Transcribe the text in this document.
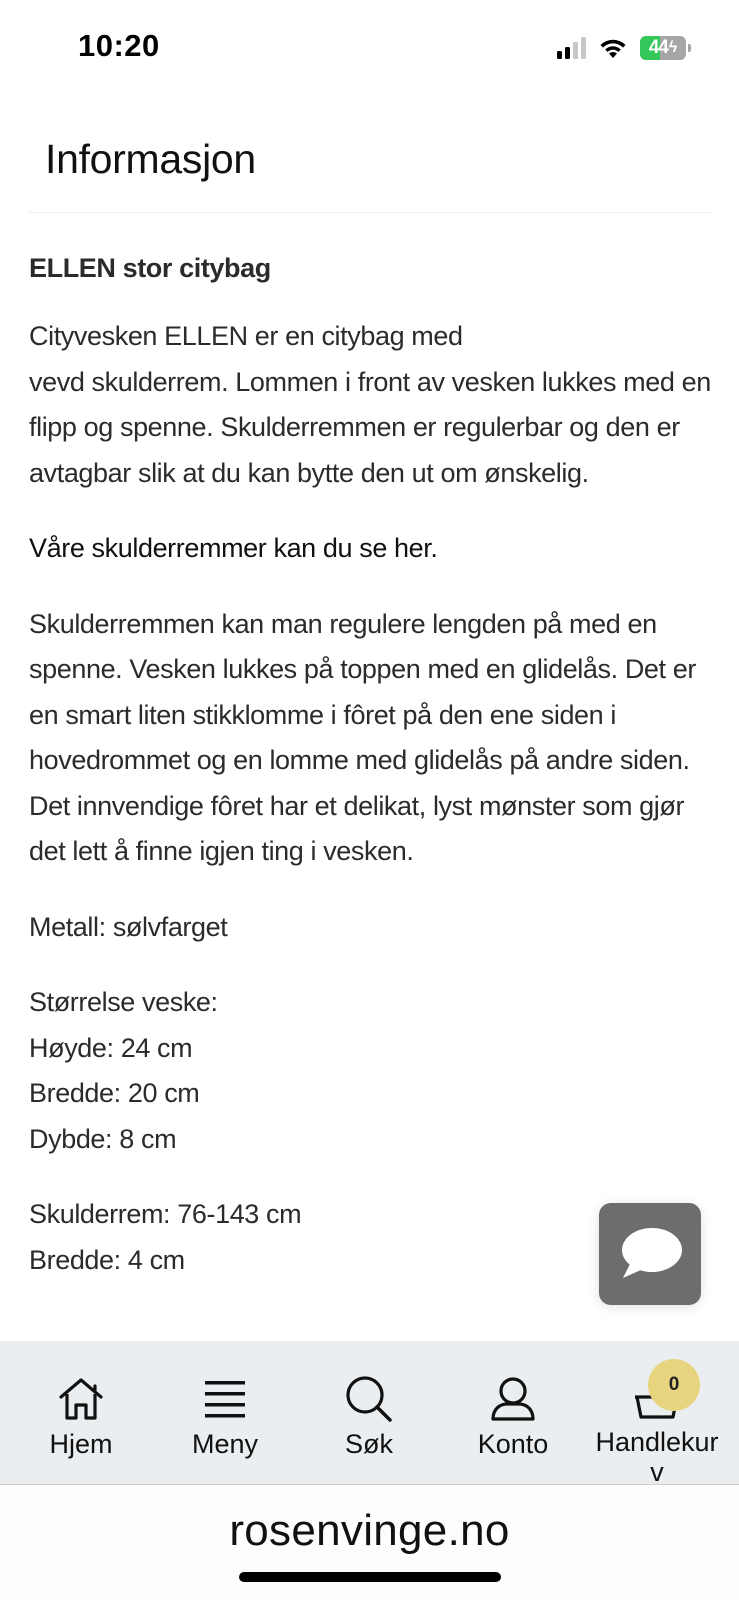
10:20	44 ϟ
Informasjon

ELLEN stor citybag

Cityvesken ELLEN er en citybag med
vevd skulderrem. Lommen i front av vesken lukkes med en flipp og spenne. Skulderremmen er regulerbar og den er avtagbar slik at du kan bytte den ut om ønskelig.

Våre skulderremmer kan du se her.

Skulderremmen kan man regulere lengden på med en spenne. Vesken lukkes på toppen med en glidelås. Det er en smart liten stikklomme i fôret på den ene siden i hovedrommet og en lomme med glidelås på andre siden. Det innvendige fôret har et delikat, lyst mønster som gjør det lett å finne igjen ting i vesken.

Metall: sølvfarget

Størrelse veske:
Høyde: 24 cm
Bredde: 20 cm
Dybde: 8 cm

Skulderrem: 76-143 cm
Bredde: 4 cm

Hjem	Meny	Søk	Konto
0
Handlekurv
rosenvinge.no
